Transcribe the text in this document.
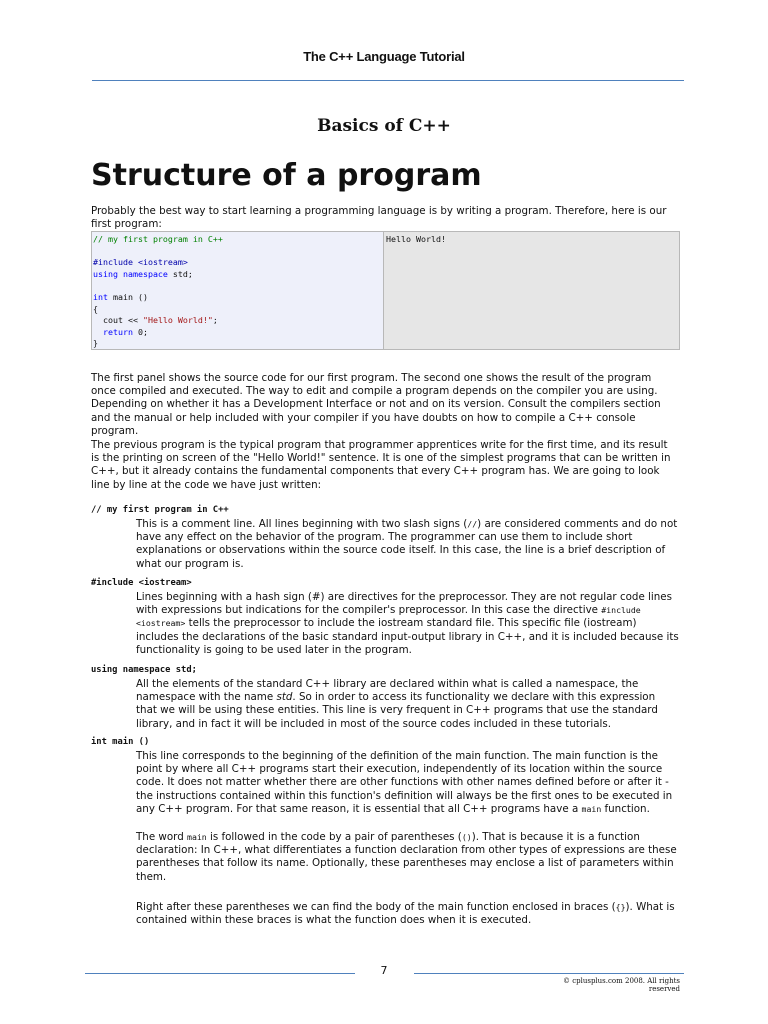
The C++ Language Tutorial
Basics of C++
Structure of a program

Probably the best way to start learning a programming language is by writing a program. Therefore, here is our first program:

// my first program in C++
#include <iostream>
using namespace std;
int main ()
{
cout << "Hello World!";
return 0;
}
Hello World!

The first panel shows the source code for our first program. The second one shows the result of the program once compiled and executed. The way to edit and compile a program depends on the compiler you are using. Depending on whether it has a Development Interface or not and on its version. Consult the compilers section and the manual or help included with your compiler if you have doubts on how to compile a C++ console program.

The previous program is the typical program that programmer apprentices write for the first time, and its result is the printing on screen of the "Hello World!" sentence. It is one of the simplest programs that can be written in C++, but it already contains the fundamental components that every C++ program has. We are going to look line by line at the code we have just written:

// my first program in C++

This is a comment line. All lines beginning with two slash signs (//) are considered comments and do not have any effect on the behavior of the program. The programmer can use them to include short explanations or observations within the source code itself. In this case, the line is a brief description of what our program is.

#include <iostream>

Lines beginning with a hash sign (#) are directives for the preprocessor. They are not regular code lines with expressions but indications for the compiler's preprocessor. In this case the directive #include <iostream> tells the preprocessor to include the iostream standard file. This specific file (iostream) includes the declarations of the basic standard input-output library in C++, and it is included because its functionality is going to be used later in the program.

using namespace std;

All the elements of the standard C++ library are declared within what is called a namespace, the namespace with the name std. So in order to access its functionality we declare with this expression that we will be using these entities. This line is very frequent in C++ programs that use the standard library, and in fact it will be included in most of the source codes included in these tutorials.

int main ()

This line corresponds to the beginning of the definition of the main function. The main function is the point by where all C++ programs start their execution, independently of its location within the source code. It does not matter whether there are other functions with other names defined before or after it - the instructions contained within this function's definition will always be the first ones to be executed in any C++ program. For that same reason, it is essential that all C++ programs have a main function.

The word main is followed in the code by a pair of parentheses (()). That is because it is a function declaration: In C++, what differentiates a function declaration from other types of expressions are these parentheses that follow its name. Optionally, these parentheses may enclose a list of parameters within them.

Right after these parentheses we can find the body of the main function enclosed in braces ({}). What is contained within these braces is what the function does when it is executed.

7
© cplusplus.com 2008. All rights reserved
